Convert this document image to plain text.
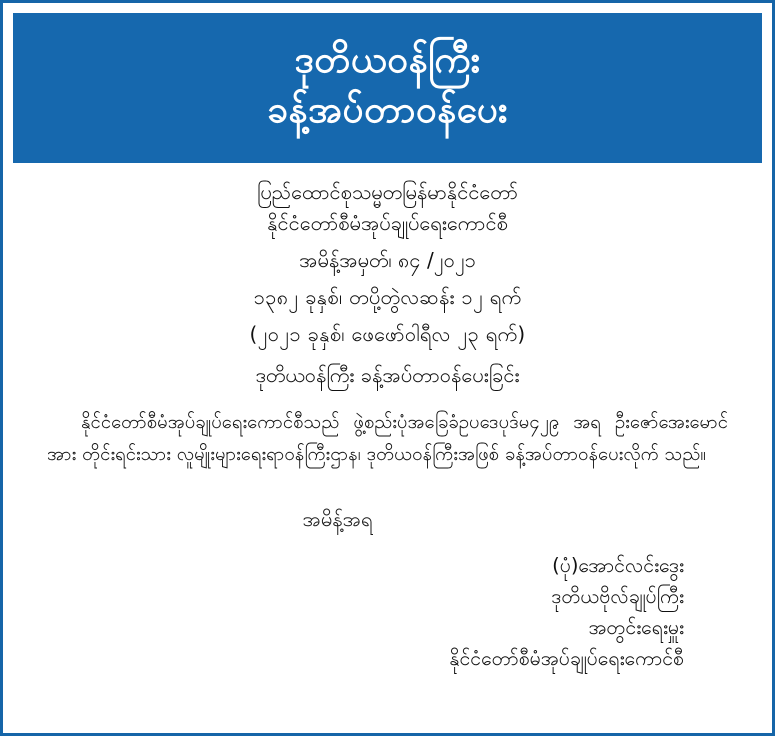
ဒုတိယဝန်ကြီး
ခန့်အပ်တာဝန်ပေး
ပြည်ထောင်စုသမ္မတမြန်မာနိုင်ငံတော်
နိုင်ငံတော်စီမံအုပ်ချုပ်ရေးကောင်စီ
အမိန့်အမှတ်၊ ၈၄ /၂၀၂၁
၁၃၈၂ ခုနှစ်၊ တပို့တွဲလဆန်း ၁၂ ရက်
(၂၀၂၁ ခုနှစ်၊ ဖေဖော်ဝါရီလ ၂၃ ရက်)
ဒုတိယဝန်ကြီး ခန့်အပ်တာဝန်ပေးခြင်း
နိုင်ငံတော်စီမံအုပ်ချုပ်ရေးကောင်စီသည် ဖွဲ့စည်းပုံအခြေခံဥပဒေပုဒ်မ၄၂၉ အရ ဦးဇော်အေးမောင် အား တိုင်းရင်းသား လူမျိုးများရေးရာဝန်ကြီးဌာန၊ ဒုတိယဝန်ကြီးအဖြစ် ခန့်အပ်တာဝန်ပေးလိုက် သည်။
အမိန့်အရ
(ပုံ)အောင်လင်းဒွေး
ဒုတိယဗိုလ်ချုပ်ကြီး
အတွင်းရေးမှူး
နိုင်ငံတော်စီမံအုပ်ချုပ်ရေးကောင်စီ
